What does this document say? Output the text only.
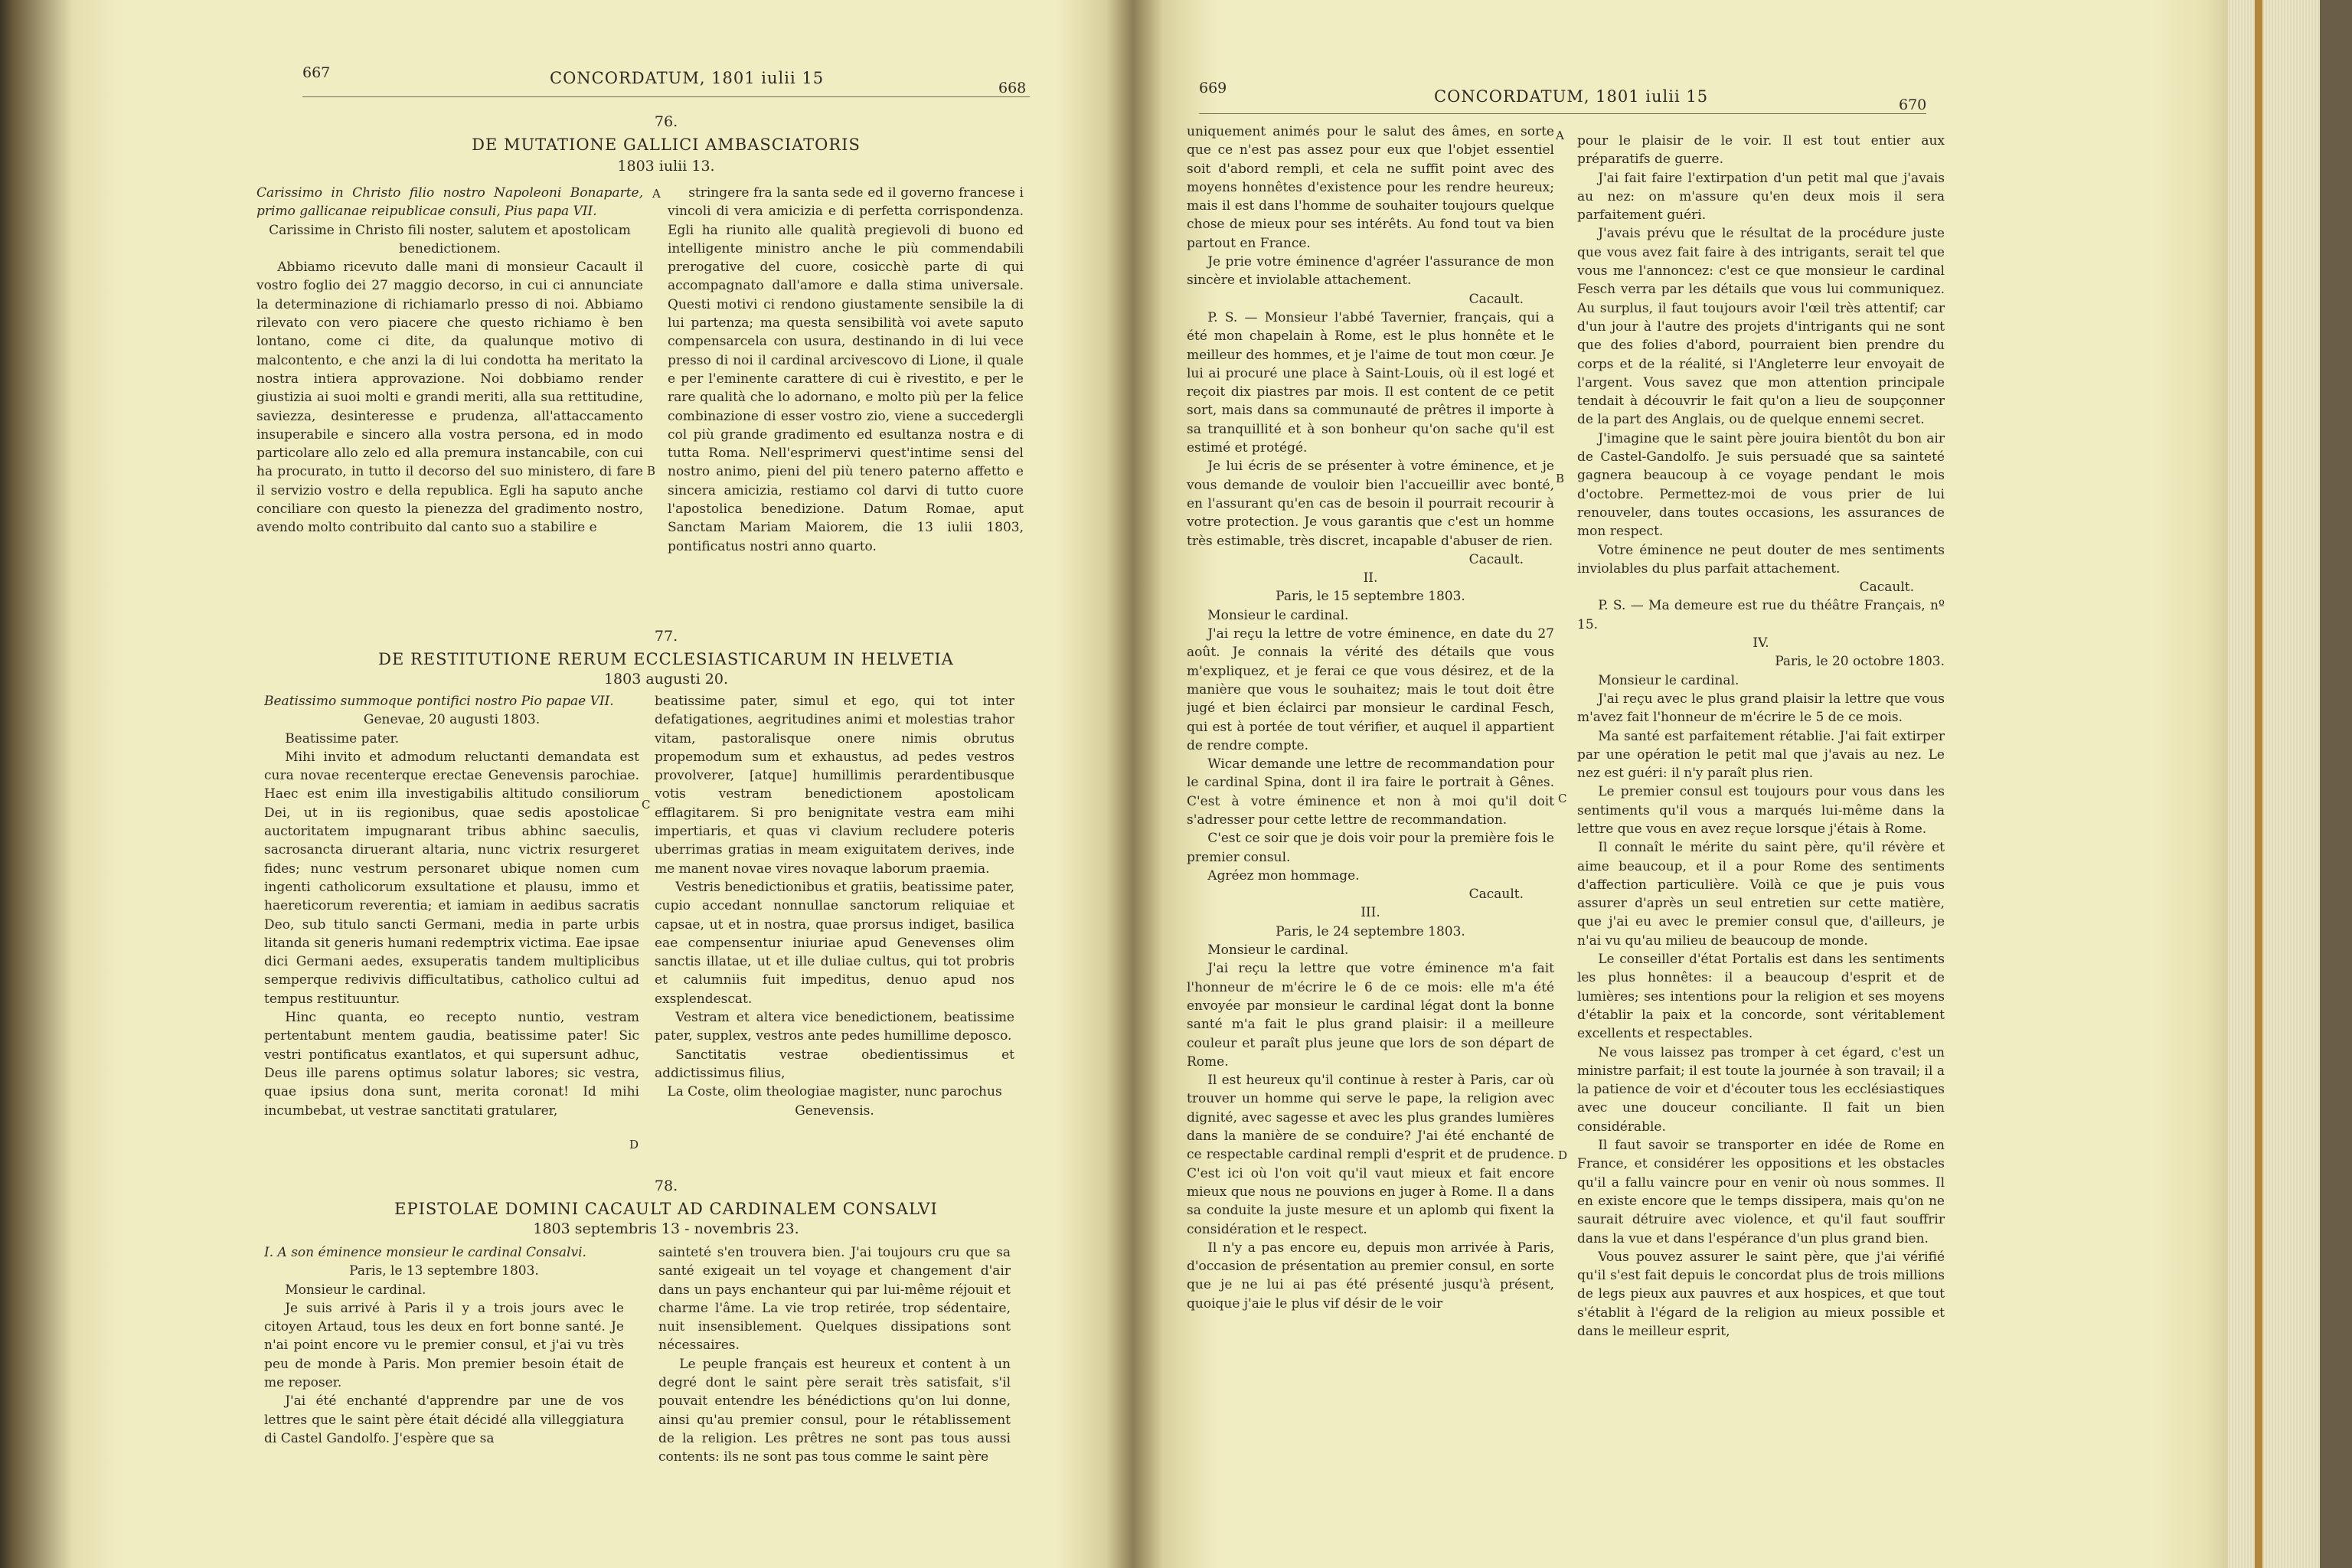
667	CONCORDATUM, 1801 iulii 15
668
76.
DE MUTATIONE GALLICI AMBASCIATORIS
1803 iulii 13.

Carissimo in Christo filio nostro Napoleoni Bonaparte, primo gallicanae reipublicae consuli, Pius papa VII.

Carissime in Christo fili noster, salutem et apostolicam benedictionem.

Abbiamo ricevuto dalle mani di monsieur Cacault il vostro foglio dei 27 maggio decorso, in cui ci annunciate la determinazione di richiamarlo presso di noi. Abbiamo rilevato con vero piacere che questo richiamo è ben lontano, come ci dite, da qualunque motivo di malcontento, e che anzi la di lui condotta ha meritato la nostra intiera approvazione. Noi dobbiamo render giustizia ai suoi molti e grandi meriti, alla sua rettitudine, saviezza, desinteresse e prudenza, all'attaccamento insuperabile e sincero alla vostra persona, ed in modo particolare allo zelo ed alla premura instancabile, con cui ha procurato, in tutto il decorso del suo ministero, di fare il servizio vostro e della republica. Egli ha saputo anche conciliare con questo la pienezza del gradimento nostro, avendo molto contribuito dal canto suo a stabilire e

stringere fra la santa sede ed il governo francese i vincoli di vera amicizia e di perfetta corrispondenza. Egli ha riunito alle qualità pregievoli di buono ed intelligente ministro anche le più commendabili prerogative del cuore, cosicchè parte di qui accompagnato dall'amore e dalla stima universale. Questi motivi ci rendono giustamente sensibile la di lui partenza; ma questa sensibilità voi avete saputo compensarcela con usura, destinando in di lui vece presso di noi il cardinal arcivescovo di Lione, il quale e per l'eminente carattere di cui è rivestito, e per le rare qualità che lo adornano, e molto più per la felice combinazione di esser vostro zio, viene a succedergli col più grande gradimento ed esultanza nostra e di tutta Roma. Nell'esprimervi quest'intime sensi del nostro animo, pieni del più tenero paterno affetto e sincera amicizia, restiamo col darvi di tutto cuore l'apostolica benedizione. Datum Romae, aput Sanctam Mariam Maiorem, die 13 iulii 1803, pontificatus nostri anno quarto.

77.
DE RESTITUTIONE RERUM ECCLESIASTICARUM IN HELVETIA
1803 augusti 20.

Beatissimo summoque pontifici nostro Pio papae VII.

Genevae, 20 augusti 1803.

Beatissime pater.

Mihi invito et admodum reluctanti demandata est cura novae recenterque erectae Genevensis parochiae. Haec est enim illa investigabilis altitudo consiliorum Dei, ut in iis regionibus, quae sedis apostolicae auctoritatem impugnarant tribus abhinc saeculis, sacrosancta diruerant altaria, nunc victrix resurgeret fides; nunc vestrum personaret ubique nomen cum ingenti catholicorum exsultatione et plausu, immo et haereticorum reverentia; et iamiam in aedibus sacratis Deo, sub titulo sancti Germani, media in parte urbis litanda sit generis humani redemptrix victima. Eae ipsae dici Germani aedes, exsuperatis tandem multiplicibus semperque redivivis difficultatibus, catholico cultui ad tempus restituuntur.

Hinc quanta, eo recepto nuntio, vestram pertentabunt mentem gaudia, beatissime pater! Sic vestri pontificatus exantlatos, et qui supersunt adhuc, Deus ille parens optimus solatur labores; sic vestra, quae ipsius dona sunt, merita coronat! Id mihi incumbebat, ut vestrae sanctitati gratularer,

beatissime pater, simul et ego, qui tot inter defatigationes, aegritudines animi et molestias trahor vitam, pastoralisque onere nimis obrutus propemodum sum et exhaustus, ad pedes vestros provolverer, [atque] humillimis perardentibusque votis vestram benedictionem apostolicam efflagitarem. Si pro benignitate vestra eam mihi impertiaris, et quas vi clavium recludere poteris uberrimas gratias in meam exiguitatem derives, inde me manent novae vires novaque laborum praemia.

Vestris benedictionibus et gratiis, beatissime pater, cupio accedant nonnullae sanctorum reliquiae et capsae, ut et in nostra, quae prorsus indiget, basilica eae compensentur iniuriae apud Genevenses olim sanctis illatae, ut et ille duliae cultus, qui tot probris et calumniis fuit impeditus, denuo apud nos exsplendescat.

Vestram et altera vice benedictionem, beatissime pater, supplex, vestros ante pedes humillime deposco.

Sanctitatis vestrae obedientissimus et addictissimus filius,

La Coste, olim theologiae magister, nunc parochus Genevensis.

78.
EPISTOLAE DOMINI CACAULT AD CARDINALEM CONSALVI
1803 septembris 13 - novembris 23.

I. A son éminence monsieur le cardinal Consalvi.

Paris, le 13 septembre 1803.

Monsieur le cardinal.

Je suis arrivé à Paris il y a trois jours avec le citoyen Artaud, tous les deux en fort bonne santé. Je n'ai point encore vu le premier consul, et j'ai vu très peu de monde à Paris. Mon premier besoin était de me reposer.

J'ai été enchanté d'apprendre par une de vos lettres que le saint père était décidé alla villeggiatura di Castel Gandolfo. J'espère que sa

sainteté s'en trouvera bien. J'ai toujours cru que sa santé exigeait un tel voyage et changement d'air dans un pays enchanteur qui par lui-même réjouit et charme l'âme. La vie trop retirée, trop sédentaire, nuit insensiblement. Quelques dissipations sont nécessaires.

Le peuple français est heureux et content à un degré dont le saint père serait très satisfait, s'il pouvait entendre les bénédictions qu'on lui donne, ainsi qu'au premier consul, pour le rétablissement de la religion. Les prêtres ne sont pas tous aussi contents: ils ne sont pas tous comme le saint père

A
C
B
D
669	CONCORDATUM, 1801 iulii 15	670

uniquement animés pour le salut des âmes, en sorte que ce n'est pas assez pour eux que l'objet essentiel soit d'abord rempli, et cela ne suffit point avec des moyens honnêtes d'existence pour les rendre heureux; mais il est dans l'homme de souhaiter toujours quelque chose de mieux pour ses intérêts. Au fond tout va bien partout en France.

Je prie votre éminence d'agréer l'assurance de mon sincère et inviolable attachement.

Cacault.

P. S. — Monsieur l'abbé Tavernier, français, qui a été mon chapelain à Rome, est le plus honnête et le meilleur des hommes, et je l'aime de tout mon cœur. Je lui ai procuré une place à Saint-Louis, où il est logé et reçoit dix piastres par mois. Il est content de ce petit sort, mais dans sa communauté de prêtres il importe à sa tranquillité et à son bonheur qu'on sache qu'il est estimé et protégé.

Je lui écris de se présenter à votre éminence, et je vous demande de vouloir bien l'accueillir avec bonté, en l'assurant qu'en cas de besoin il pourrait recourir à votre protection. Je vous garantis que c'est un homme très estimable, très discret, incapable d'abuser de rien.

Cacault.

II.

Paris, le 15 septembre 1803.

Monsieur le cardinal.

J'ai reçu la lettre de votre éminence, en date du 27 août. Je connais la vérité des détails que vous m'expliquez, et je ferai ce que vous désirez, et de la manière que vous le souhaitez; mais le tout doit être jugé et bien éclairci par monsieur le cardinal Fesch, qui est à portée de tout vérifier, et auquel il appartient de rendre compte.

Wicar demande une lettre de recommandation pour le cardinal Spina, dont il ira faire le portrait à Gênes. C'est à votre éminence et non à moi qu'il doit s'adresser pour cette lettre de recommandation.

C'est ce soir que je dois voir pour la première fois le premier consul.

Agréez mon hommage.

Cacault.

III.

Paris, le 24 septembre 1803.

Monsieur le cardinal.

J'ai reçu la lettre que votre éminence m'a fait l'honneur de m'écrire le 6 de ce mois: elle m'a été envoyée par monsieur le cardinal légat dont la bonne santé m'a fait le plus grand plaisir: il a meilleure couleur et paraît plus jeune que lors de son départ de Rome.

Il est heureux qu'il continue à rester à Paris, car où trouver un homme qui serve le pape, la religion avec dignité, avec sagesse et avec les plus grandes lumières dans la manière de se conduire? J'ai été enchanté de ce respectable cardinal rempli d'esprit et de prudence. C'est ici où l'on voit qu'il vaut mieux et fait encore mieux que nous ne pouvions en juger à Rome. Il a dans sa conduite la juste mesure et un aplomb qui fixent la considération et le respect.

Il n'y a pas encore eu, depuis mon arrivée à Paris, d'occasion de présentation au premier consul, en sorte que je ne lui ai pas été présenté jusqu'à présent, quoique j'aie le plus vif désir de le voir

pour le plaisir de le voir. Il est tout entier aux préparatifs de guerre.

J'ai fait faire l'extirpation d'un petit mal que j'avais au nez: on m'assure qu'en deux mois il sera parfaitement guéri.

J'avais prévu que le résultat de la procédure juste que vous avez fait faire à des intrigants, serait tel que vous me l'annoncez: c'est ce que monsieur le cardinal Fesch verra par les détails que vous lui communiquez. Au surplus, il faut toujours avoir l'œil très attentif; car d'un jour à l'autre des projets d'intrigants qui ne sont que des folies d'abord, pourraient bien prendre du corps et de la réalité, si l'Angleterre leur envoyait de l'argent. Vous savez que mon attention principale tendait à découvrir le fait qu'on a lieu de soupçonner de la part des Anglais, ou de quelque ennemi secret.

J'imagine que le saint père jouira bientôt du bon air de Castel-Gandolfo. Je suis persuadé que sa sainteté gagnera beaucoup à ce voyage pendant le mois d'octobre. Permettez-moi de vous prier de lui renouveler, dans toutes occasions, les assurances de mon respect.

Votre éminence ne peut douter de mes sentiments inviolables du plus parfait attachement.

Cacault.

P. S. — Ma demeure est rue du théâtre Français, nº 15.

IV.

Paris, le 20 octobre 1803.

Monsieur le cardinal.

J'ai reçu avec le plus grand plaisir la lettre que vous m'avez fait l'honneur de m'écrire le 5 de ce mois.

Ma santé est parfaitement rétablie. J'ai fait extirper par une opération le petit mal que j'avais au nez. Le nez est guéri: il n'y paraît plus rien.

Le premier consul est toujours pour vous dans les sentiments qu'il vous a marqués lui-même dans la lettre que vous en avez reçue lorsque j'étais à Rome.

Il connaît le mérite du saint père, qu'il révère et aime beaucoup, et il a pour Rome des sentiments d'affection particulière. Voilà ce que je puis vous assurer d'après un seul entretien sur cette matière, que j'ai eu avec le premier consul que, d'ailleurs, je n'ai vu qu'au milieu de beaucoup de monde.

Le conseiller d'état Portalis est dans les sentiments les plus honnêtes: il a beaucoup d'esprit et de lumières; ses intentions pour la religion et ses moyens d'établir la paix et la concorde, sont véritablement excellents et respectables.

Ne vous laissez pas tromper à cet égard, c'est un ministre parfait; il est toute la journée à son travail; il a la patience de voir et d'écouter tous les ecclésiastiques avec une douceur conciliante. Il fait un bien considérable.

Il faut savoir se transporter en idée de Rome en France, et considérer les oppositions et les obstacles qu'il a fallu vaincre pour en venir où nous sommes. Il en existe encore que le temps dissipera, mais qu'on ne saurait détruire avec violence, et qu'il faut souffrir dans la vue et dans l'espérance d'un plus grand bien.

Vous pouvez assurer le saint père, que j'ai vérifié qu'il s'est fait depuis le concordat plus de trois millions de legs pieux aux pauvres et aux hospices, et que tout s'établit à l'égard de la religion au mieux possible et dans le meilleur esprit,

A
B
C
D
